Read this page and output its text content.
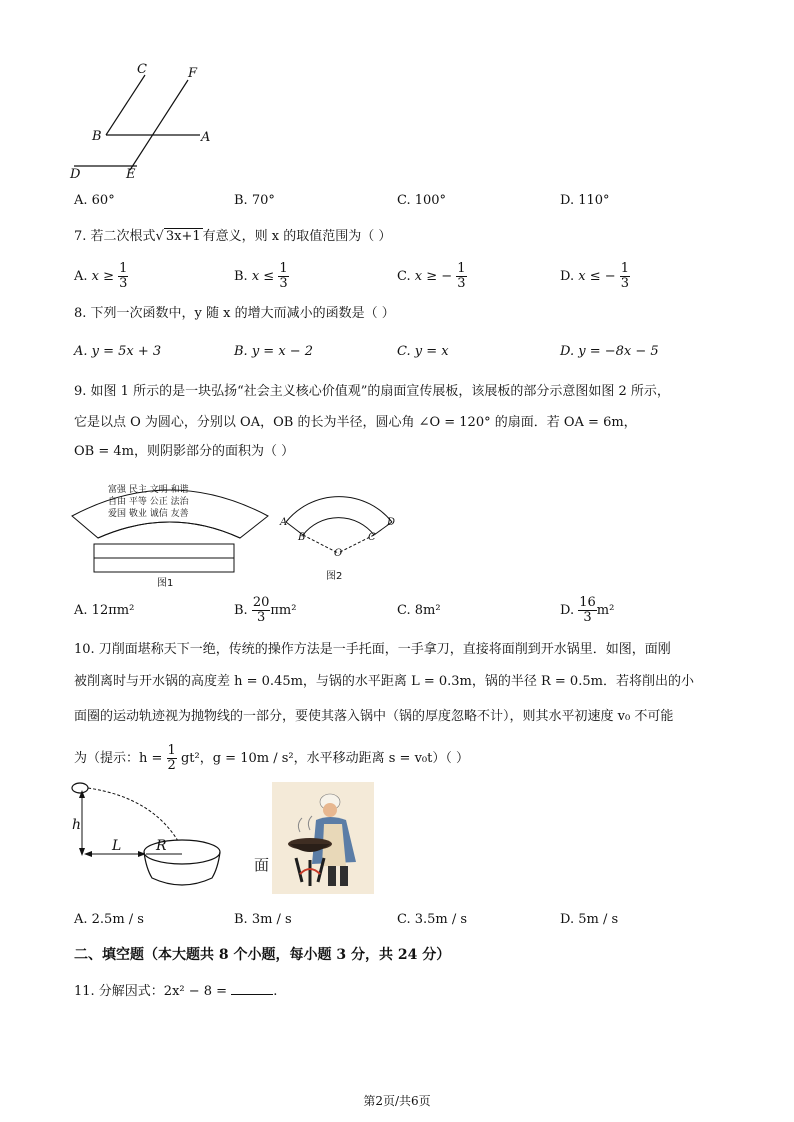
C	F
B	A
D	E
A. 60°	B. 70°	C. 100°	D. 110°
7. 若二次根式√ 3x+1 有意义，则 x 的取值范围为（ ）
A. $x \ge \frac{1}{3}$	B. $x \le \frac{1}{3}$	C. x ≥ − $\frac{1}{3}$	D. x ≤ − $\frac{1}{3}$
8. 下列一次函数中，y 随 x 的增大而减小的函数是（ ）
A. y = 5x + 3	B. y = x − 2	C. y = x	D. y = −8x − 5
9. 如图 1 所示的是一块弘扬“社会主义核心价值观”的扇面宣传展板，该展板的部分示意图如图 2 所示，
它是以点 O 为圆心，分别以 OA，OB 的长为半径，圆心角 ∠O = 120° 的扇面．若 OA = 6m，
OB = 4m，则阴影部分的面积为（ ）
富强 民主 文明 和谐
自由 平等 公正 法治
爱国 敬业 诚信 友善
图1
A
B
O
C
D
图2
A. 12πm²	B. $\frac{20}{3} \pi m^2$	C. 8m²	D. $\frac{16}{3} m^2$
10. 刀削面堪称天下一绝，传统的操作方法是一手托面，一手拿刀，直接将面削到开水锅里．如图，面刚
被削离时与开水锅的高度差 h = 0.45m，与锅的水平距离 L = 0.3m，锅的半径 R = 0.5m．若将削出的小
面圈的运动轨迹视为抛物线的一部分，要使其落入锅中（锅的厚度忽略不计），则其水平初速度 v₀ 不可能
为（提示：$h = \frac{1}{2} gt^2$，g = 10m / s²，水平移动距离 s = v₀t）（ ）
h
L R
面
A. 2.5m / s	B. 3m / s	C. 3.5m / s	D. 5m / s
二、填空题（本大题共 8 个小题，每小题 3 分，共 24 分）
11. 分解因式：2x² − 8 =	.
第2页/共6页
